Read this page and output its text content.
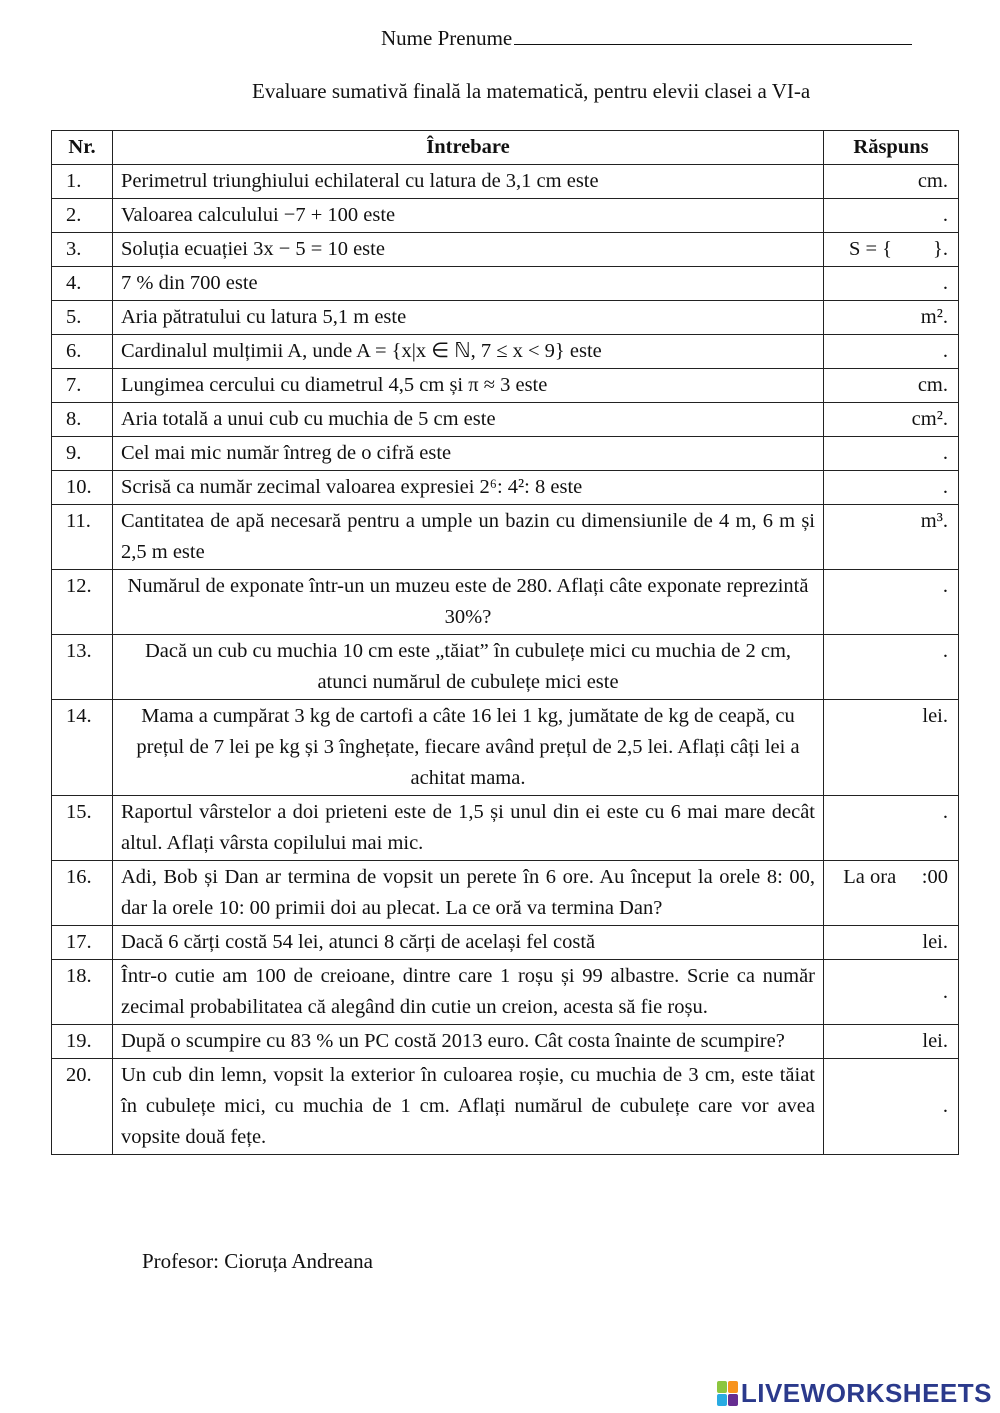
Nume Prenume
Evaluare sumativă finală la matematică, pentru elevii clasei a VI-a
Nr.	Întrebare	Răspuns
1.	Perimetrul triunghiului echilateral cu latura de 3,1 cm este	cm.
2.	Valoarea calculului −7 + 100 este	.
3.	Soluția ecuației 3x − 5 = 10 este	S = {        }.
4.	7 % din 700 este	.
5.	Aria pătratului cu latura 5,1 m este	m².
6.	Cardinalul mulțimii A, unde A = {x|x ∈ ℕ, 7 ≤ x < 9} este	.
7.	Lungimea cercului cu diametrul 4,5 cm și π ≈ 3 este	cm.
8.	Aria totală a unui cub cu muchia de 5 cm este	cm².
9.	Cel mai mic număr întreg de o cifră este	.
10.	Scrisă ca număr zecimal valoarea expresiei 2⁶: 4²: 8 este	.
11.	Cantitatea de apă necesară pentru a umple un bazin cu dimensiunile de 4 m, 6 m și 2,5 m este	m³.
12.	Numărul de exponate într-un un muzeu este de 280. Aflați câte exponate reprezintă 30%?	.
13.	Dacă un cub cu muchia 10 cm este „tăiat” în cubulețe mici cu muchia de 2 cm, atunci numărul de cubulețe mici este	.
14.	Mama a cumpărat 3 kg de cartofi a câte 16 lei 1 kg, jumătate de kg de ceapă, cu prețul de 7 lei pe kg și 3 înghețate, fiecare având prețul de 2,5 lei. Aflați câți lei a achitat mama.	lei.
15.	Raportul vârstelor a doi prieteni este de 1,5 și unul din ei este cu 6 mai mare decât altul. Aflați vârsta copilului mai mic.	.
16.	Adi, Bob și Dan ar termina de vopsit un perete în 6 ore. Au început la orele 8: 00, dar la orele 10: 00 primii doi au plecat. La ce oră va termina Dan?	La ora     :00
17.	Dacă 6 cărți costă 54 lei, atunci 8 cărți de același fel costă	lei.
18.	Într-o cutie am 100 de creioane, dintre care 1 roșu și 99 albastre. Scrie ca număr zecimal probabilitatea că alegând din cutie un creion, acesta să fie roșu.	.
19.	După o scumpire cu 83 % un PC costă 2013 euro. Cât costa înainte de scumpire?	lei.
20.	Un cub din lemn, vopsit la exterior în culoarea roșie, cu muchia de 3 cm, este tăiat în cubulețe mici, cu muchia de 1 cm. Aflați numărul de cubulețe care vor avea vopsite două fețe.	.
Profesor: Cioruța Andreana
LIVEWORKSHEETS
